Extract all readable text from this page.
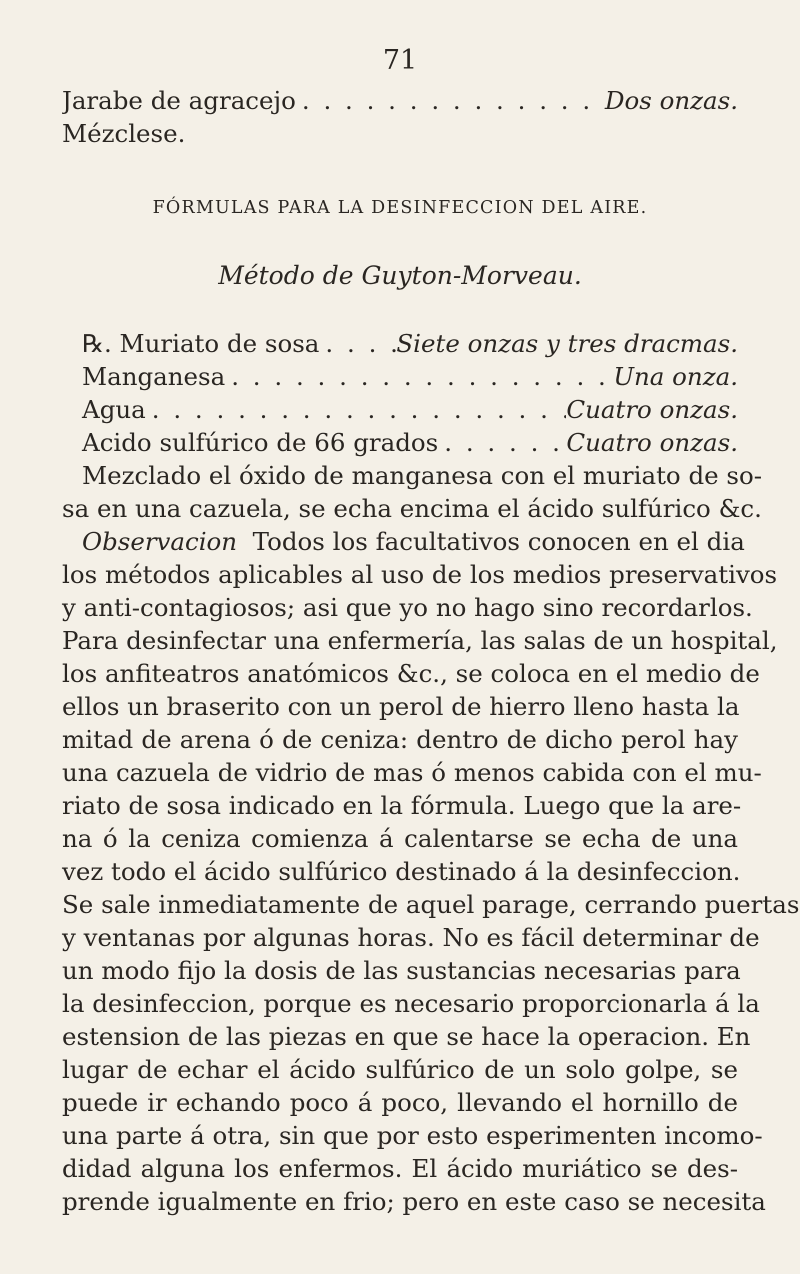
71
Jarabe de agracejo . . .	Dos onzas.
Mézclese.
FÓRMULAS PARA LA DESINFECCION DEL AIRE.
Método de Guyton-Morveau.
℞. Muriato de sosa . . .	Siete onzas y tres dracmas.
Manganesa . . .	Una onza.
Agua . . .	Cuatro onzas.
Acido sulfúrico de 66 grados . . .	Cuatro onzas.
Mezclado el óxido de manganesa con el muriato de so-
sa en una cazuela, se echa encima el ácido sulfúrico &c.
Observacion Todos los facultativos conocen en el dia
los métodos aplicables al uso de los medios preservativos
y anti-contagiosos; asi que yo no hago sino recordarlos.
Para desinfectar una enfermería, las salas de un hospital,
los anfiteatros anatómicos &c., se coloca en el medio de
ellos un braserito con un perol de hierro lleno hasta la
mitad de arena ó de ceniza: dentro de dicho perol hay
una cazuela de vidrio de mas ó menos cabida con el mu-
riato de sosa indicado en la fórmula. Luego que la are-
na ó la ceniza comienza á calentarse se echa de una
vez todo el ácido sulfúrico destinado á la desinfeccion.
Se sale inmediatamente de aquel parage, cerrando puertas
y ventanas por algunas horas. No es fácil determinar de
un modo fijo la dosis de las sustancias necesarias para
la desinfeccion, porque es necesario proporcionarla á la
estension de las piezas en que se hace la operacion. En
lugar de echar el ácido sulfúrico de un solo golpe, se
puede ir echando poco á poco, llevando el hornillo de
una parte á otra, sin que por esto esperimenten incomo-
didad alguna los enfermos. El ácido muriático se des-
prende igualmente en frio; pero en este caso se necesita
